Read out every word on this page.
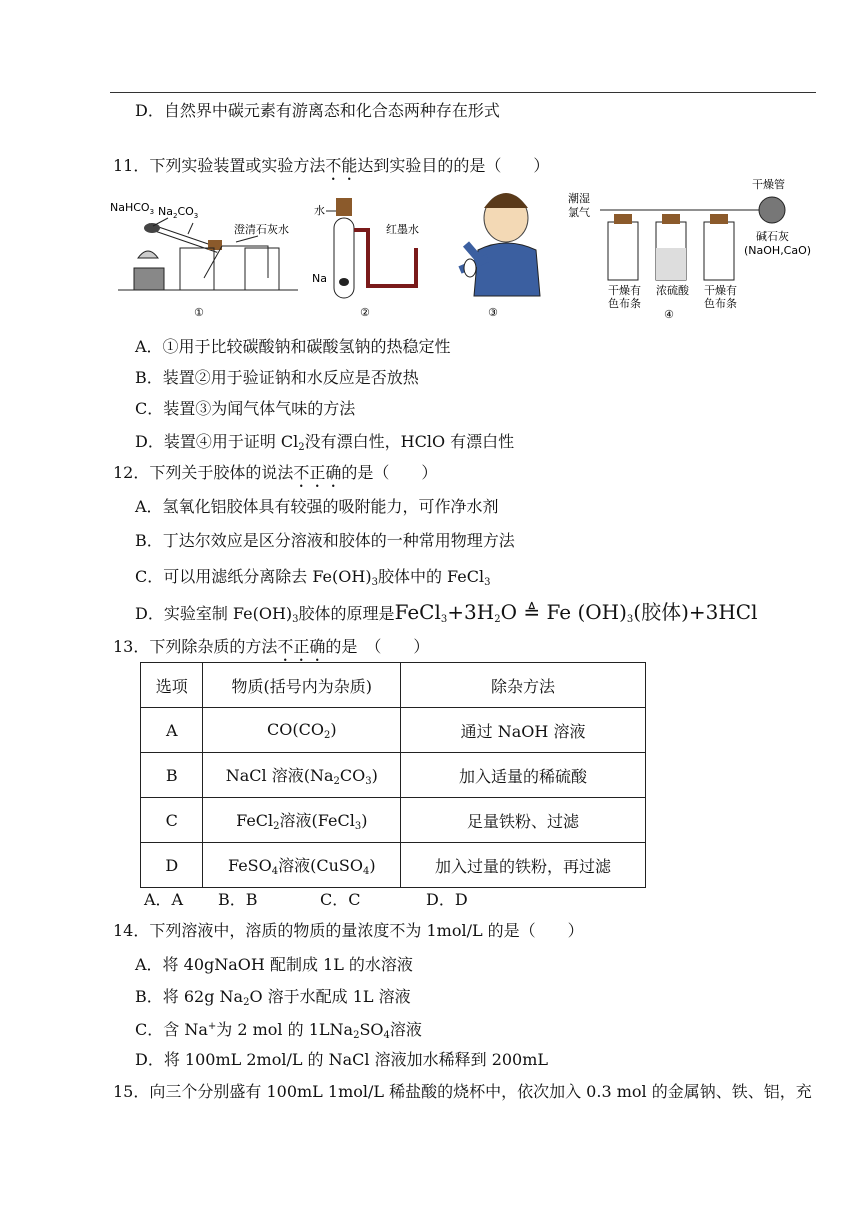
D．自然界中碳元素有游离态和化合态两种存在形式
11．下列实验装置或实验方法不能达到实验目的的是（　　）
NaHCO$_3$ $Na_2CO_3$
澄清石灰水
①
水
红墨水
Na
②	③
潮湿
氯气
干燥管
碱石灰
(NaOH,CaO)
干燥有
色布条
浓硫酸 干燥有
色布条
④
A．①用于比较碳酸钠和碳酸氢钠的热稳定性
B．装置②用于验证钠和水反应是否放热
C．装置③为闻气体气味的方法
D．装置④用于证明 $Cl_2$没有漂白性，HClO 有漂白性
12．下列关于胶体的说法不正确的是（　　）
A．氢氧化铝胶体具有较强的吸附能力，可作净水剂
B．丁达尔效应是区分溶液和胶体的一种常用物理方法
C．可以用滤纸分离除去 $Fe(OH)_3$胶体中的 FeCl$_3$
D．实验室制 $Fe(OH)_3$胶体的原理是$FeCl_3+3H_2O$ ≜ Fe $(OH)_3$(胶体)+3HCl
13．下列除杂质的方法不正确的是　（　　）
选项	物质(括号内为杂质)	除杂方法
A	$CO(CO_2)$	通过 NaOH 溶液
B	NaCl 溶液$(Na_2CO_3)$	加入适量的稀硫酸
C	FeCl$_2$溶液(FeCl$_3$)	足量铁粉、过滤
D	FeSO$_4$溶液(CuSO$_4$)	加入过量的铁粉，再过滤
A．A B．B	C．C	D．D
14．下列溶液中，溶质的物质的量浓度不为 1mol/L 的是（　　）
A．将 40gNaOH 配制成 1L 的水溶液
B．将 62g $Na_2O$ 溶于水配成 1L 溶液
C．含 Na+为 2 mol 的 $1LNa_2SO_4$溶液
D．将 100mL 2mol/L 的 NaCl 溶液加水稀释到 200mL
15．向三个分别盛有 100mL 1mol/L 稀盐酸的烧杯中，依次加入 0.3 mol 的金属钠、铁、铝，充
